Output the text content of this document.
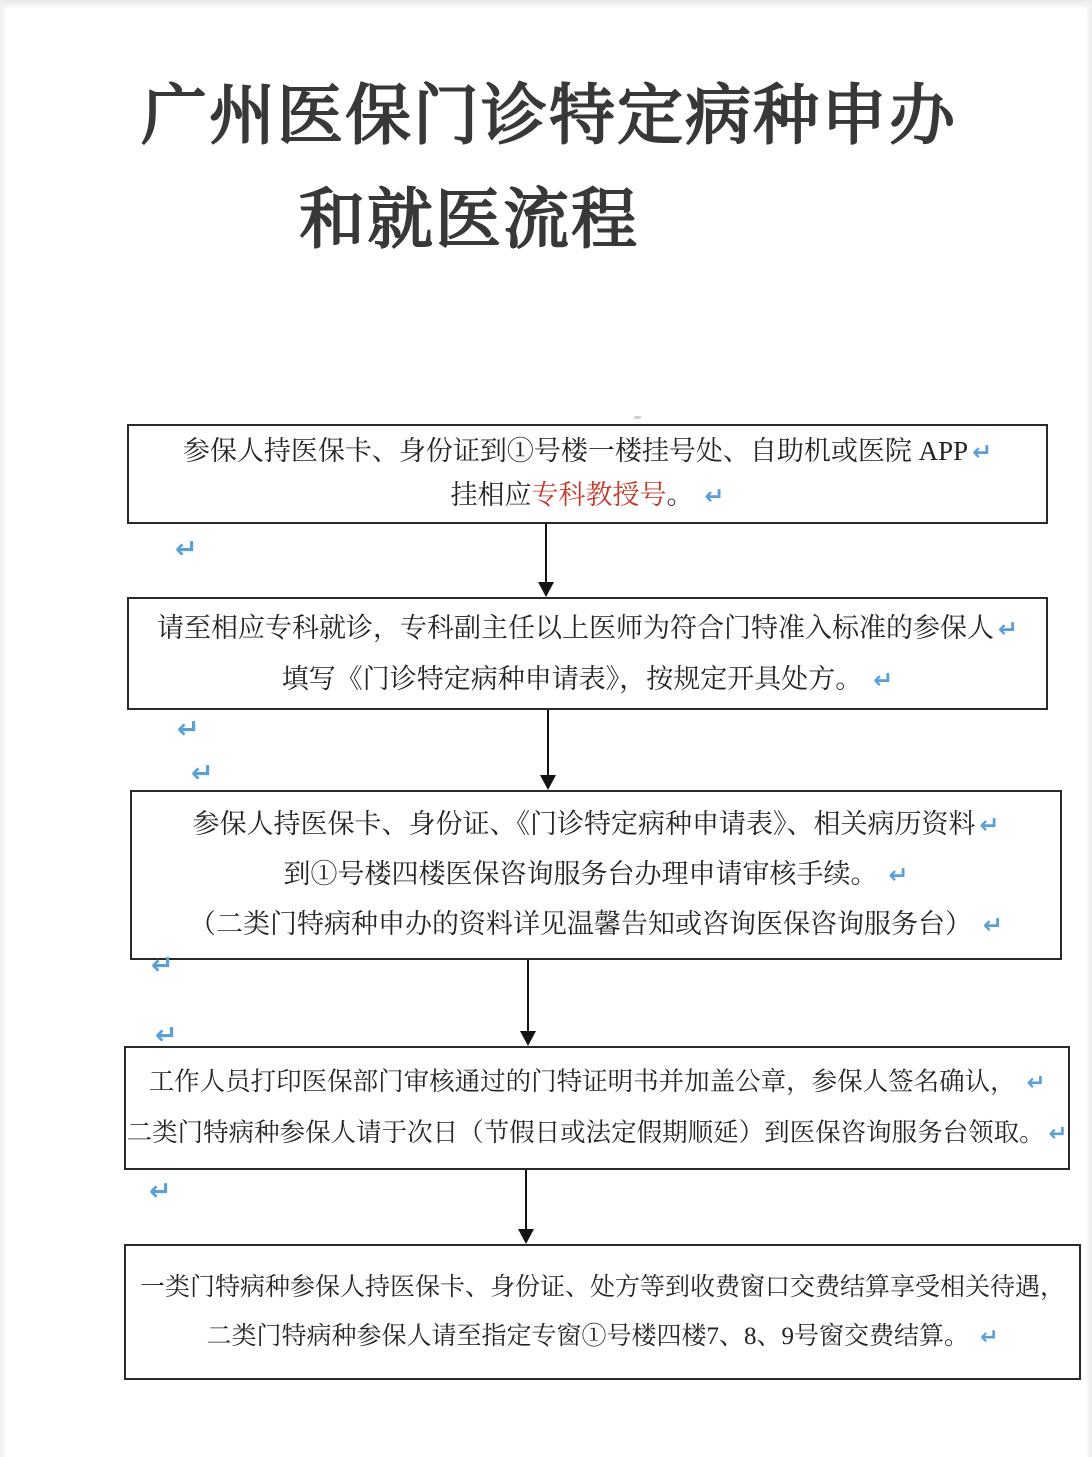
广州医保门诊特定病种申办
和就医流程
参保人持医保卡、身份证到①号楼一楼挂号处、自助机或医院 APP ↵
挂相应专科教授号。 ↵
请至相应专科就诊，专科副主任以上医师为符合门特准入标准的参保人 ↵
填写《门诊特定病种申请表》，按规定开具处方。 ↵
参保人持医保卡、身份证、《门诊特定病种申请表》、相关病历资料 ↵
到①号楼四楼医保咨询服务台办理申请审核手续。 ↵
（二类门特病种申办的资料详见温馨告知或咨询医保咨询服务台） ↵
工作人员打印医保部门审核通过的门特证明书并加盖公章，参保人签名确认， ↵
二类门特病种参保人请于次日（节假日或法定假期顺延）到医保咨询服务台领取。 ↵
一类门特病种参保人持医保卡、身份证、处方等到收费窗口交费结算享受相关待遇，
二类门特病种参保人请至指定专窗①号楼四楼7、8、9号窗交费结算。 ↵
↵
↵
↵
↵
↵
↵
